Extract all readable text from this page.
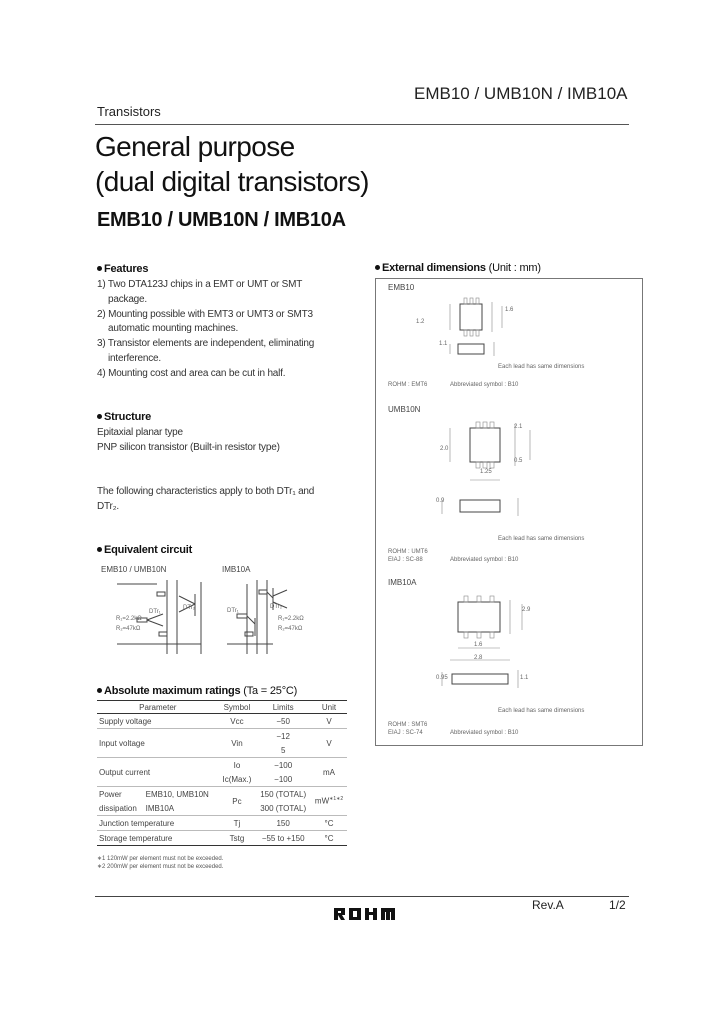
EMB10 / UMB10N / IMB10A
Transistors
General purpose
(dual digital transistors)
EMB10 / UMB10N / IMB10A
Features
1) Two DTA123J chips in a EMT or UMT or SMT
package.
2) Mounting possible with EMT3 or UMT3 or SMT3
automatic mounting machines.
3) Transistor elements are independent, eliminating
interference.
4) Mounting cost and area can be cut in half.
Structure
Epitaxial planar type
PNP silicon transistor (Built-in resistor type)
The following characteristics apply to both DTr₁ and
DTr₂.
Equivalent circuit
EMB10 / UMB10N	IMB10A
DTr₁
DTr₂
R₁=2.2kΩ
R₂=47kΩ
DTr₁
DTr₂
R₁=2.2kΩ
R₂=47kΩ
Absolute maximum ratings (Ta = 25°C)
Parameter		Symbol	Limits	Unit
Supply voltage		Vcc	−50	V
Input voltage		Vin	−12	V
			5	
Output current		Io	−100	mA
		Ic(Max.)	−100	
Power	EMB10, UMB10N	Pc	150 (TOTAL)	$mW^{∗1∗2}$
dissipation	IMB10A		300 (TOTAL)	
Junction temperature		Tj	150	°C
Storage temperature		Tstg	−55 to +150	°C
∗1 120mW per element must not be exceeded.
∗2 200mW per element must not be exceeded.
External dimensions (Unit : mm)
EMB10
1.6
1.2
1.1
Each lead has same dimensions
ROHM : EMT6	Abbreviated symbol : B10
UMB10N
2.1
2.0
1.25
0.5
0.9
Each lead has same dimensions
ROHM : UMT6
EIAJ : SC-88	Abbreviated symbol : B10
IMB10A
2.9
1.6
2.8
1.1
0.95
Each lead has same dimensions
ROHM : SMT6
EIAJ : SC-74	Abbreviated symbol : B10
Rev.A	1/2
